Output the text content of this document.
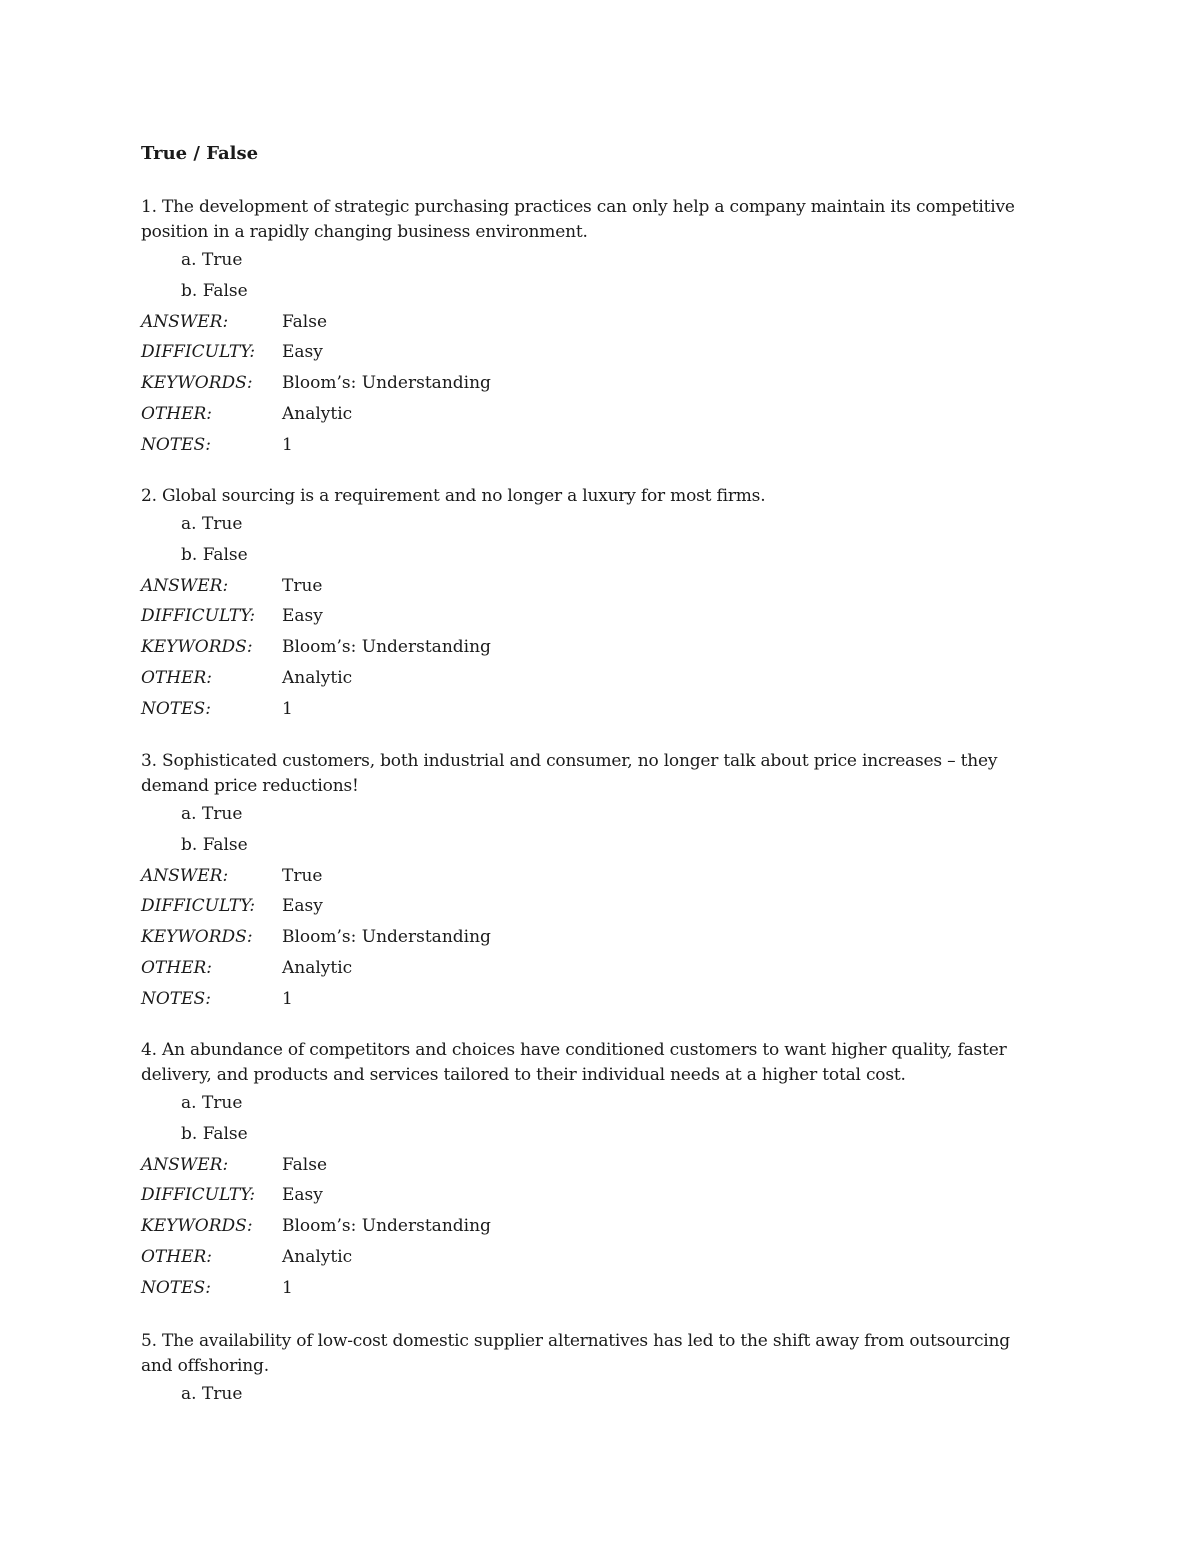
True / False

1. The development of strategic purchasing practices can only help a company maintain its competitive position in a rapidly changing business environment.

a. True

b. False

ANSWER:	False
DIFFICULTY:	Easy
KEYWORDS:	Bloom’s: Understanding
OTHER:	Analytic
NOTES:	1

2. Global sourcing is a requirement and no longer a luxury for most firms.

a. True

b. False

ANSWER:	True
DIFFICULTY:	Easy
KEYWORDS:	Bloom’s: Understanding
OTHER:	Analytic
NOTES:	1

3. Sophisticated customers, both industrial and consumer, no longer talk about price increases – they demand price reductions!

a. True

b. False

ANSWER:	True
DIFFICULTY:	Easy
KEYWORDS:	Bloom’s: Understanding
OTHER:	Analytic
NOTES:	1

4. An abundance of competitors and choices have conditioned customers to want higher quality, faster delivery, and products and services tailored to their individual needs at a higher total cost.

a. True

b. False

ANSWER:	False
DIFFICULTY:	Easy
KEYWORDS:	Bloom’s: Understanding
OTHER:	Analytic
NOTES:	1

5. The availability of low-cost domestic supplier alternatives has led to the shift away from outsourcing and offshoring.

a. True
